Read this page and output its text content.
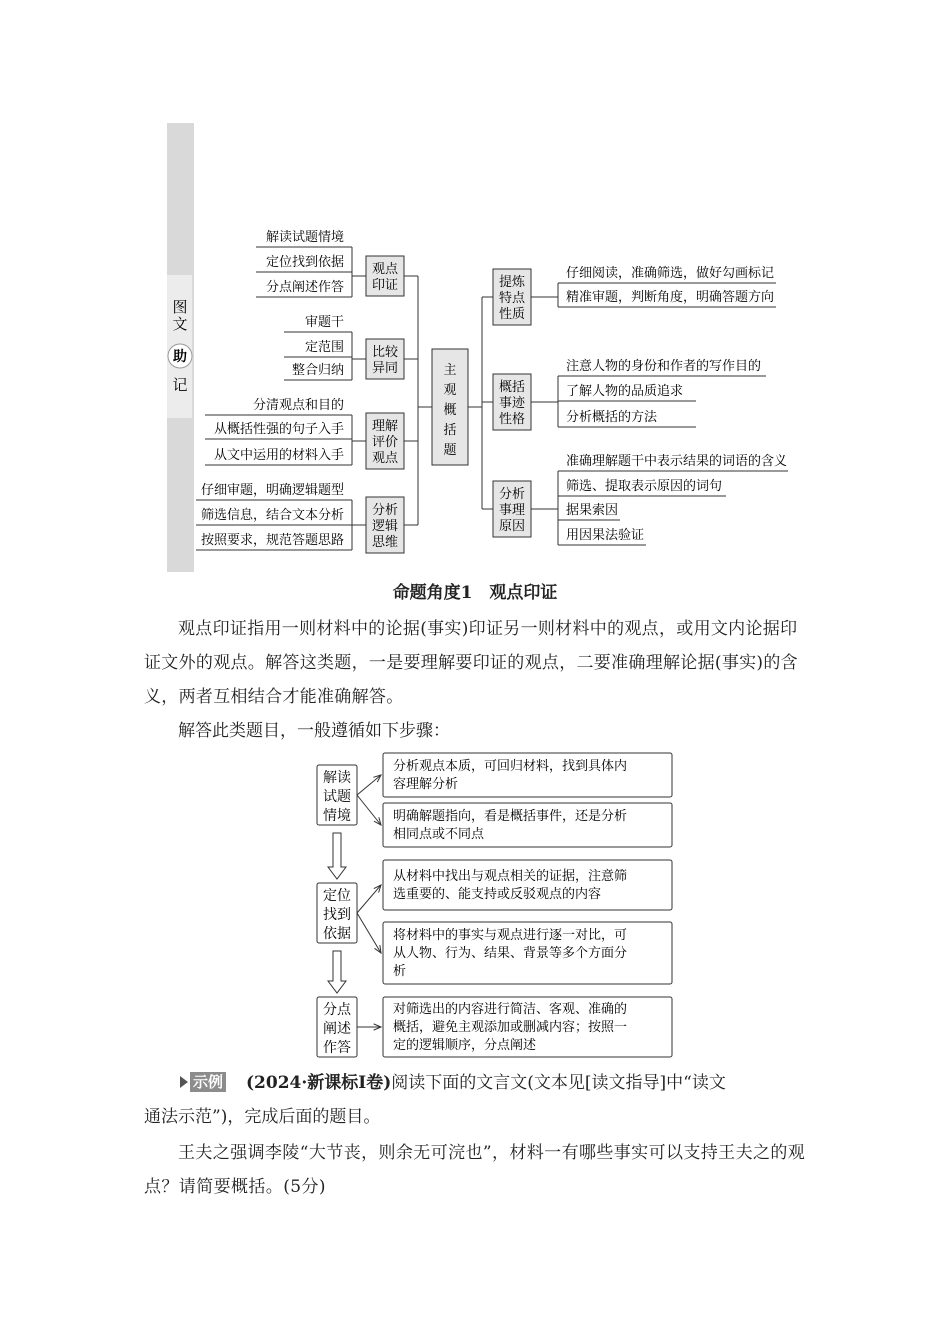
图文
助
记
主
观
概
括
题
观点
印证
解读试题情境
定位找到依据
分点阐述作答
比较
异同
审题干
定范围
整合归纳
理解
评价
观点
分清观点和目的
从概括性强的句子入手
从文中运用的材料入手
分析
逻辑
思维
仔细审题，明确逻辑题型
筛选信息，结合文本分析
按照要求，规范答题思路
提炼
特点
性质
仔细阅读，准确筛选，做好勾画标记
精准审题，判断角度，明确答题方向
概括
事迹
性格
注意人物的身份和作者的写作目的
了解人物的品质追求
分析概括的方法
分析
事理
原因
准确理解题干中表示结果的词语的含义
筛选、提取表示原因的词句
据果索因
用因果法验证
命题角度1　观点印证
观点印证指用一则材料中的论据(事实)印证另一则材料中的观点，或用文内论据印证文外的观点。解答这类题，一是要理解要印证的观点，二要准确理解论据(事实)的含义，两者互相结合才能准确解答。
解答此类题目，一般遵循如下步骤：
解读
试题
情境
分析观点本质，可回归材料，找到具体内
容理解分析
明确解题指向，看是概括事件，还是分析
相同点或不同点
定位
找到
依据
从材料中找出与观点相关的证据，注意筛
选重要的、能支持或反驳观点的内容
将材料中的事实与观点进行逐一对比，可
从人物、行为、结果、背景等多个方面分
析
分点
阐述
作答
对筛选出的内容进行简洁、客观、准确的
概括，避免主观添加或删减内容；按照一
定的逻辑顺序，分点阐述
示例 (2024·新课标Ⅰ卷)阅读下面的文言文(文本见[读文指导]中“读文
通法示范”)，完成后面的题目。
王夫之强调李陵“大节丧，则余无可浣也”，材料一有哪些事实可以支持王夫之的观点？请简要概括。(5分)
